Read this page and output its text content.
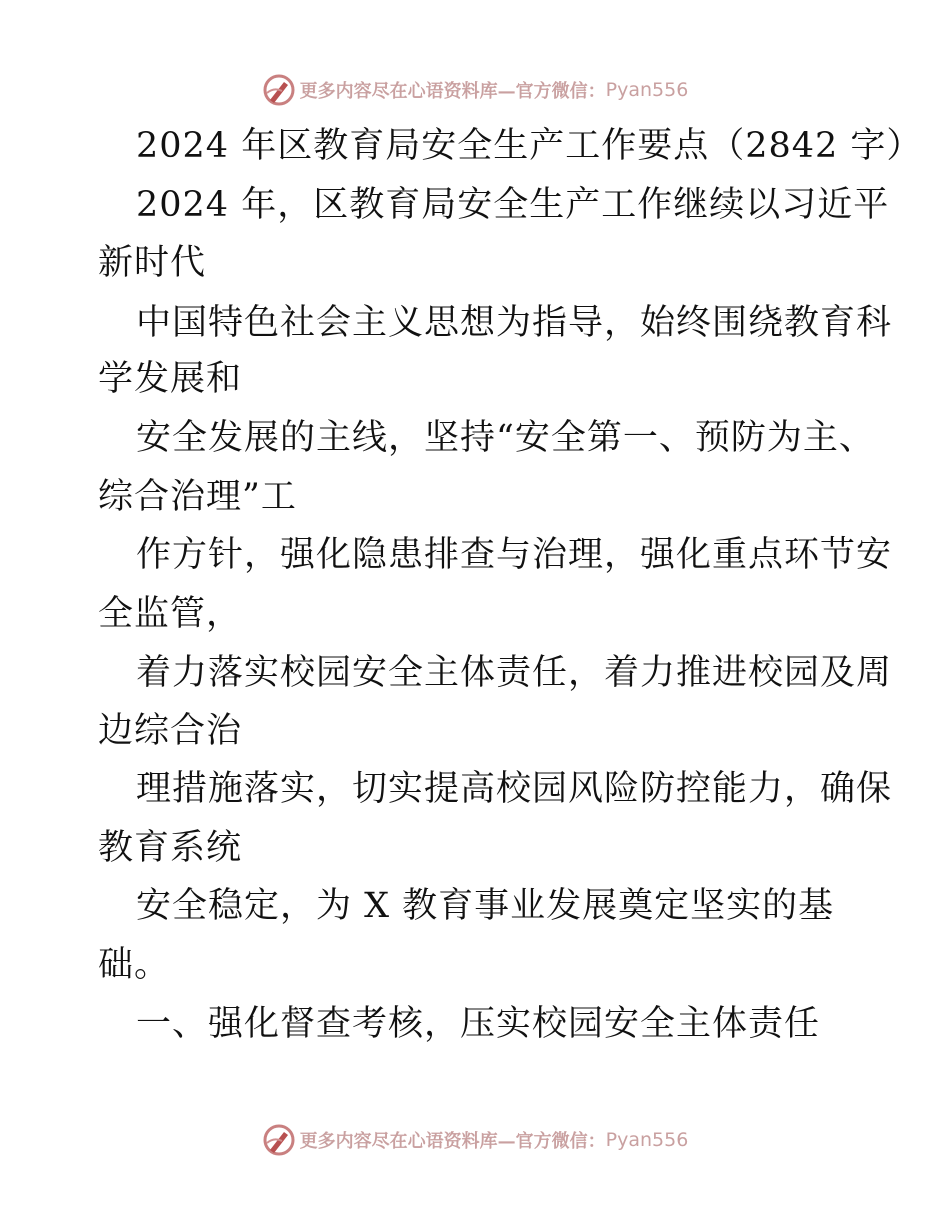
更多内容尽在心语资料库—官方微信： Pyan556
2024 年区教育局安全生产工作要点（2842 字）
2024 年，区教育局安全生产工作继续以习近平
新时代
中国特色社会主义思想为指导，始终围绕教育科
学发展和
安全发展的主线，坚持“安全第一、预防为主、
综合治理”工
作方针，强化隐患排查与治理，强化重点环节安
全监管，
着力落实校园安全主体责任，着力推进校园及周
边综合治
理措施落实，切实提高校园风险防控能力，确保
教育系统
安全稳定，为 X 教育事业发展奠定坚实的基
础。
一、强化督查考核，压实校园安全主体责任
更多内容尽在心语资料库—官方微信： Pyan556
